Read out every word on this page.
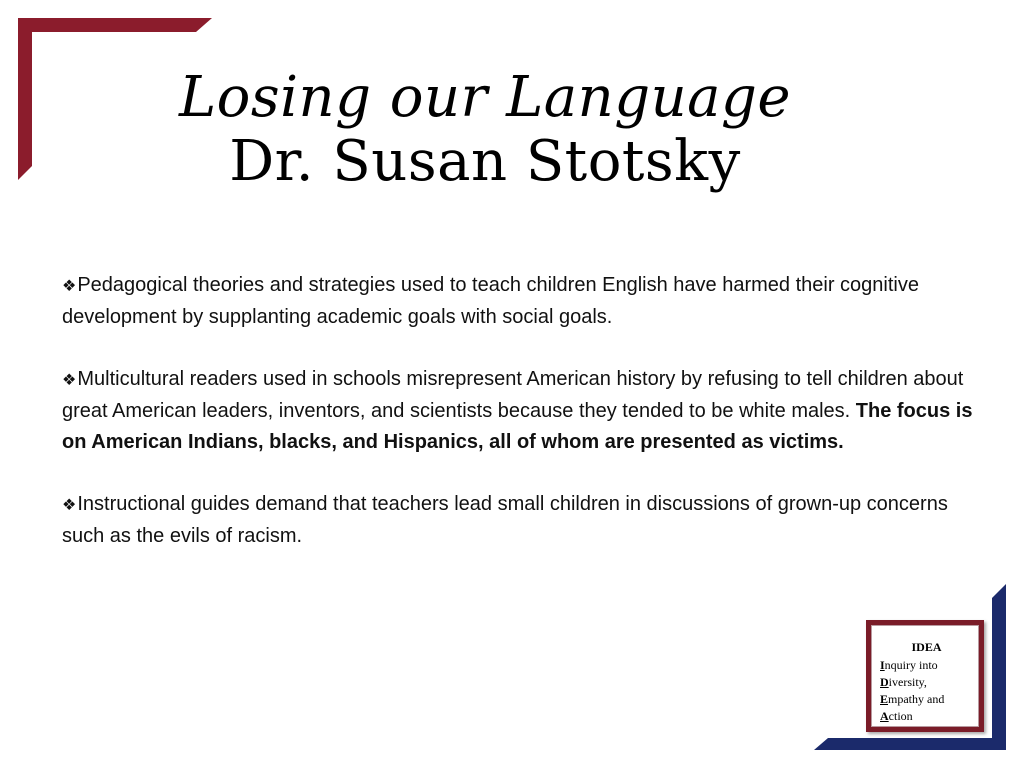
Losing our Language
Dr. Susan Stotsky

❖Pedagogical theories and strategies used to teach children English have harmed their cognitive development by supplanting academic goals with social goals.

❖Multicultural readers used in schools misrepresent American history by refusing to tell children about great American leaders, inventors, and scientists because they tended to be white males. The focus is on American Indians, blacks, and Hispanics, all of whom are presented as victims.

❖Instructional guides demand that teachers lead small children in discussions of grown-up concerns such as the evils of racism.

IDEA
Inquiry into
Diversity,
Empathy and
Action
